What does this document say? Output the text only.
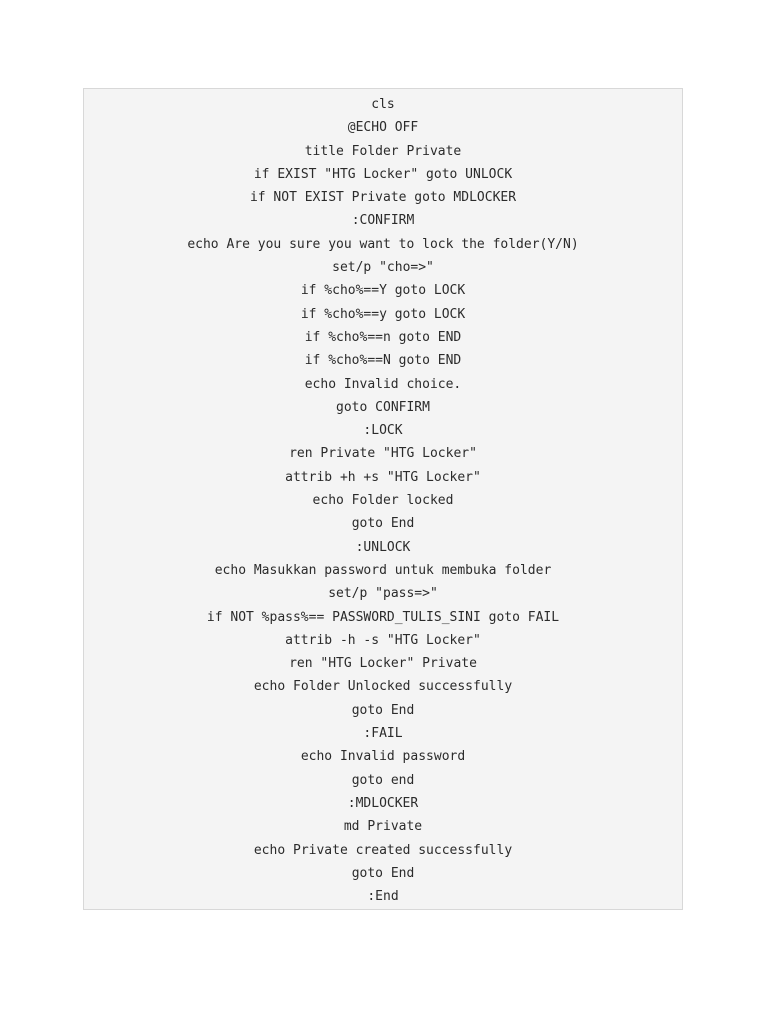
cls
@ECHO OFF
title Folder Private
if EXIST "HTG Locker" goto UNLOCK
if NOT EXIST Private goto MDLOCKER
:CONFIRM
echo Are you sure you want to lock the folder(Y/N)
set/p "cho=>"
if %cho%==Y goto LOCK
if %cho%==y goto LOCK
if %cho%==n goto END
if %cho%==N goto END
echo Invalid choice.
goto CONFIRM
:LOCK
ren Private "HTG Locker"
attrib +h +s "HTG Locker"
echo Folder locked
goto End
:UNLOCK
echo Masukkan password untuk membuka folder
set/p "pass=>"
if NOT %pass%== PASSWORD_TULIS_SINI goto FAIL
attrib -h -s "HTG Locker"
ren "HTG Locker" Private
echo Folder Unlocked successfully
goto End
:FAIL
echo Invalid password
goto end
:MDLOCKER
md Private
echo Private created successfully
goto End
:End
